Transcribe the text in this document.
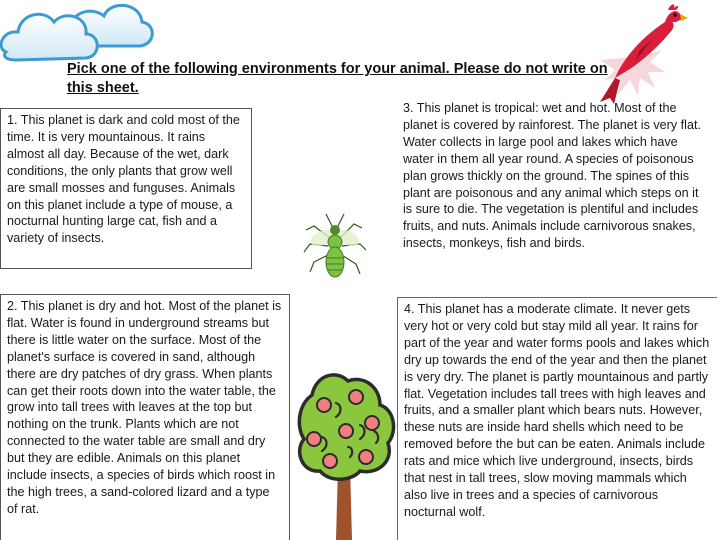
Pick one of the following environments for your animal. Please do not write on this sheet.
1. This planet is dark and cold most of the time. It is very mountainous. It rains almost all day. Because of the wet, dark conditions, the only plants that grow well are small mosses and funguses. Animals on this planet include a type of mouse, a nocturnal hunting large cat, fish and a variety of insects.
2. This planet is dry and hot. Most of the planet is flat. Water is found in underground streams but there is little water on the surface. Most of the planet's surface is covered in sand, although there are dry patches of dry grass. When plants can get their roots down into the water table, the grow into tall trees with leaves at the top but nothing on the trunk. Plants which are not connected to the water table are small and dry but they are edible. Animals on this planet include insects, a species of birds which roost in the high trees, a sand-colored lizard and a type of rat.
3. This planet is tropical: wet and hot. Most of the planet is covered by rainforest. The planet is very flat. Water collects in large pool and lakes which have water in them all year round. A species of poisonous plan grows thickly on the ground. The spines of this plant are poisonous and any animal which steps on it is sure to die. The vegetation is plentiful and includes fruits, and nuts. Animals include carnivorous snakes, insects, monkeys, fish and birds.
4. This planet has a moderate climate. It never gets very hot or very cold but stay mild all year. It rains for part of the year and water forms pools and lakes which dry up towards the end of the year and then the planet is very dry. The planet is partly mountainous and partly flat. Vegetation includes tall trees with high leaves and fruits, and a smaller plant which bears nuts. However, these nuts are inside hard shells which need to be removed before the but can be eaten. Animals include rats and mice which live underground, insects, birds that nest in tall trees, slow moving mammals which also live in trees and a species of carnivorous nocturnal wolf.
